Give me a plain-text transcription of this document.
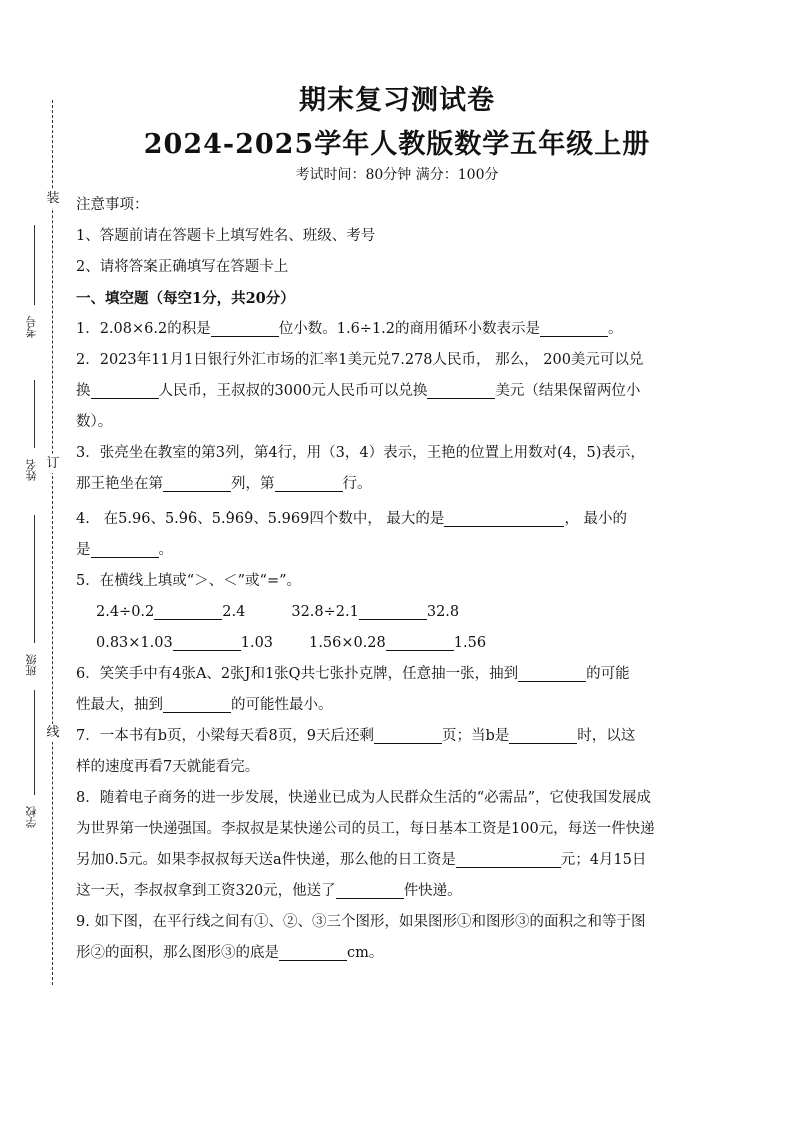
装
订
线
考号
姓名
班级
学校
期末复习测试卷
2024-2025学年人教版数学五年级上册
考试时间：80分钟 满分：100分
注意事项：
1、答题前请在答题卡上填写姓名、班级、考号
2、请将答案正确填写在答题卡上
一、填空题（每空1分，共20分）
1．2.08×6.2的积是	位小数。1.6÷1.2的商用循环小数表示是	。
2．2023年11月1日银行外汇市场的汇率1美元兑7.278人民币， 那么， 200美元可以兑
换	人民币，王叔叔的3000元人民币可以兑换	美元（结果保留两位小
数）。
3．张亮坐在教室的第3列，第4行，用（3，4）表示，王艳的位置上用数对(4，5)表示，
那王艳坐在第	列，第	行。
4. 在5.96、5.· 9· 6、5.· 96· 9、5.969四个数中， 最大的是	， 最小的
是	。
5．在横线上填或“＞、＜”或“=”。
2.4÷0.2	2.4	32.8÷2.1	32.8
0.83×1.03	1.03 1.56×0.28	1.56
6．笑笑手中有4张A、2张J和1张Q共七张扑克牌，任意抽一张，抽到	的可能
性最大，抽到	的可能性最小。
7．一本书有b页，小梁每天看8页，9天后还剩	页；当b是	时，以这
样的速度再看7天就能看完。
8．随着电子商务的进一步发展，快递业已成为人民群众生活的“必需品”，它使我国发展成
为世界第一快递强国。李叔叔是某快递公司的员工，每日基本工资是100元，每送一件快递
另加0.5元。如果李叔叔每天送a件快递，那么他的日工资是	元；4月15日
这一天，李叔叔拿到工资320元，他送了	件快递。
9. 如下图，在平行线之间有①、②、③三个图形，如果图形①和图形③的面积之和等于图
形②的面积，那么图形③的底是	cm。
